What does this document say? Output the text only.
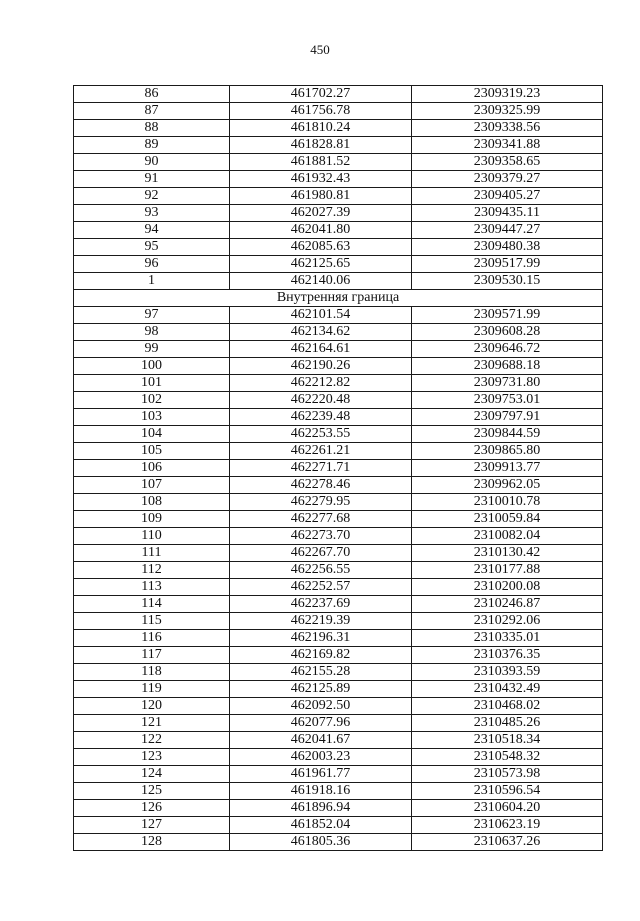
450
86	461702.27	2309319.23
87	461756.78	2309325.99
88	461810.24	2309338.56
89	461828.81	2309341.88
90	461881.52	2309358.65
91	461932.43	2309379.27
92	461980.81	2309405.27
93	462027.39	2309435.11
94	462041.80	2309447.27
95	462085.63	2309480.38
96	462125.65	2309517.99
1	462140.06	2309530.15
Внутренняя граница		
97	462101.54	2309571.99
98	462134.62	2309608.28
99	462164.61	2309646.72
100	462190.26	2309688.18
101	462212.82	2309731.80
102	462220.48	2309753.01
103	462239.48	2309797.91
104	462253.55	2309844.59
105	462261.21	2309865.80
106	462271.71	2309913.77
107	462278.46	2309962.05
108	462279.95	2310010.78
109	462277.68	2310059.84
110	462273.70	2310082.04
111	462267.70	2310130.42
112	462256.55	2310177.88
113	462252.57	2310200.08
114	462237.69	2310246.87
115	462219.39	2310292.06
116	462196.31	2310335.01
117	462169.82	2310376.35
118	462155.28	2310393.59
119	462125.89	2310432.49
120	462092.50	2310468.02
121	462077.96	2310485.26
122	462041.67	2310518.34
123	462003.23	2310548.32
124	461961.77	2310573.98
125	461918.16	2310596.54
126	461896.94	2310604.20
127	461852.04	2310623.19
128	461805.36	2310637.26
